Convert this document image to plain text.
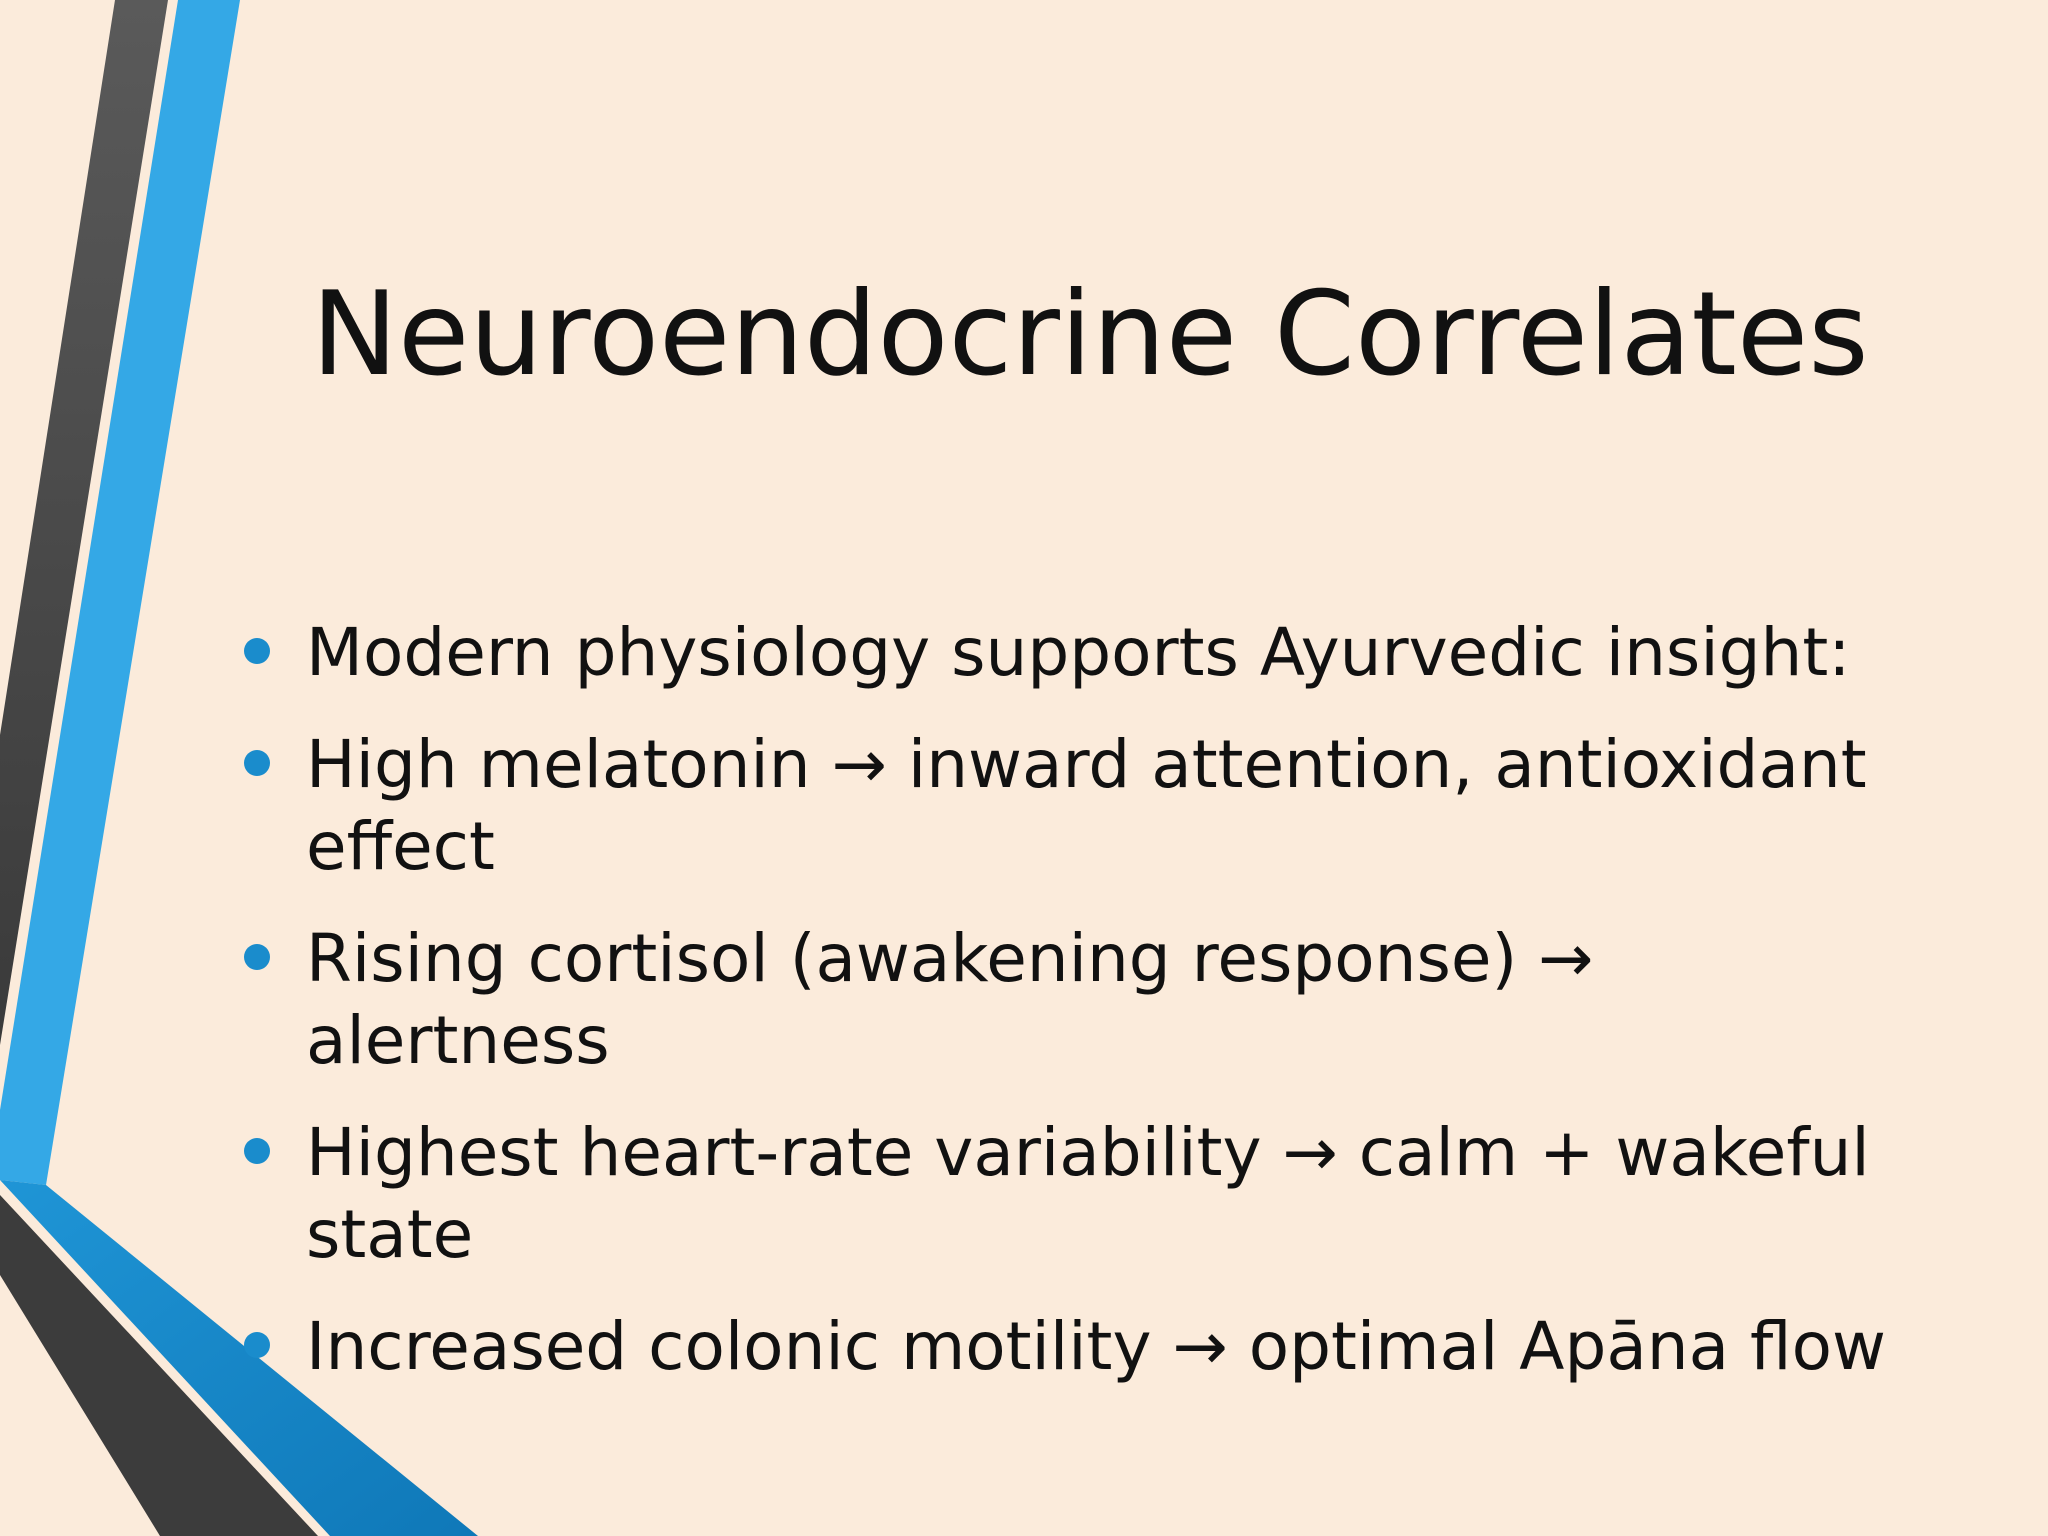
Neuroendocrine Correlates
Modern physiology supports Ayurvedic insight:
High melatonin → inward attention, antioxidant effect
Rising cortisol (awakening response) → alertness
Highest heart-rate variability → calm + wakeful state
Increased colonic motility → optimal Apāna flow
